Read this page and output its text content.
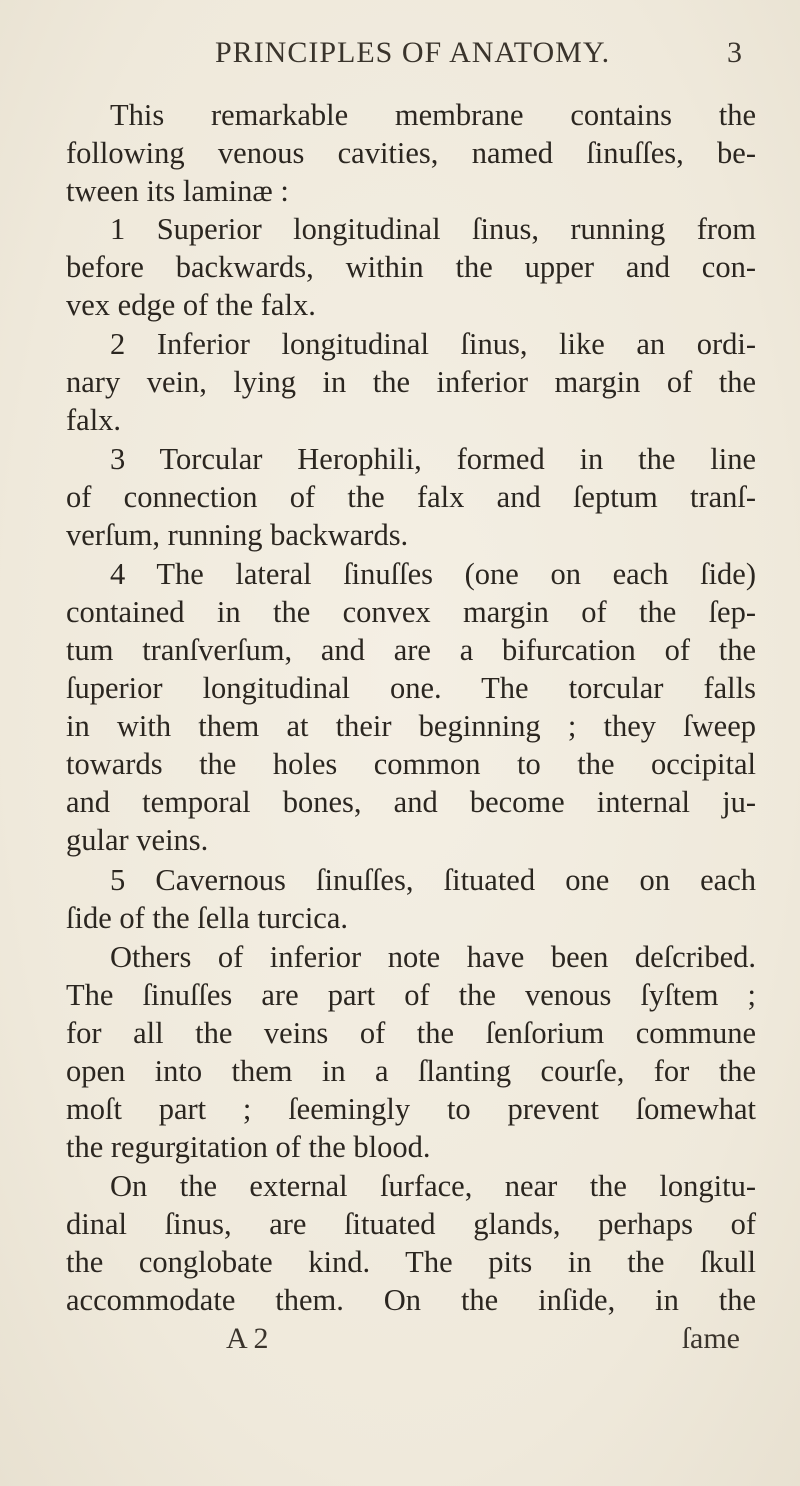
PRINCIPLES OF ANATOMY.	3
This remarkable membrane contains the
following venous cavities, named ſinuſſes, be-
tween its laminæ :
1 Superior longitudinal ſinus, running from
before backwards, within the upper and con-
vex edge of the falx.
2 Inferior longitudinal ſinus, like an ordi-
nary vein, lying in the inferior margin of the
falx.
3 Torcular Herophili, formed in the line
of connection of the falx and ſeptum tranſ-
verſum, running backwards.
4 The lateral ſinuſſes (one on each ſide)
contained in the convex margin of the ſep-
tum tranſverſum, and are a bifurcation of the
ſuperior longitudinal one. The torcular falls
in with them at their beginning ; they ſweep
towards the holes common to the occipital
and temporal bones, and become internal ju-
gular veins.
5 Cavernous ſinuſſes, ſituated one on each
ſide of the ſella turcica.
Others of inferior note have been deſcribed.
The ſinuſſes are part of the venous ſyſtem ;
for all the veins of the ſenſorium commune
open into them in a ſlanting courſe, for the
moſt part ; ſeemingly to prevent ſomewhat
the regurgitation of the blood.
On the external ſurface, near the longitu-
dinal ſinus, are ſituated glands, perhaps of
the conglobate kind. The pits in the ſkull
accommodate them. On the inſide, in the
A 2	ſame
